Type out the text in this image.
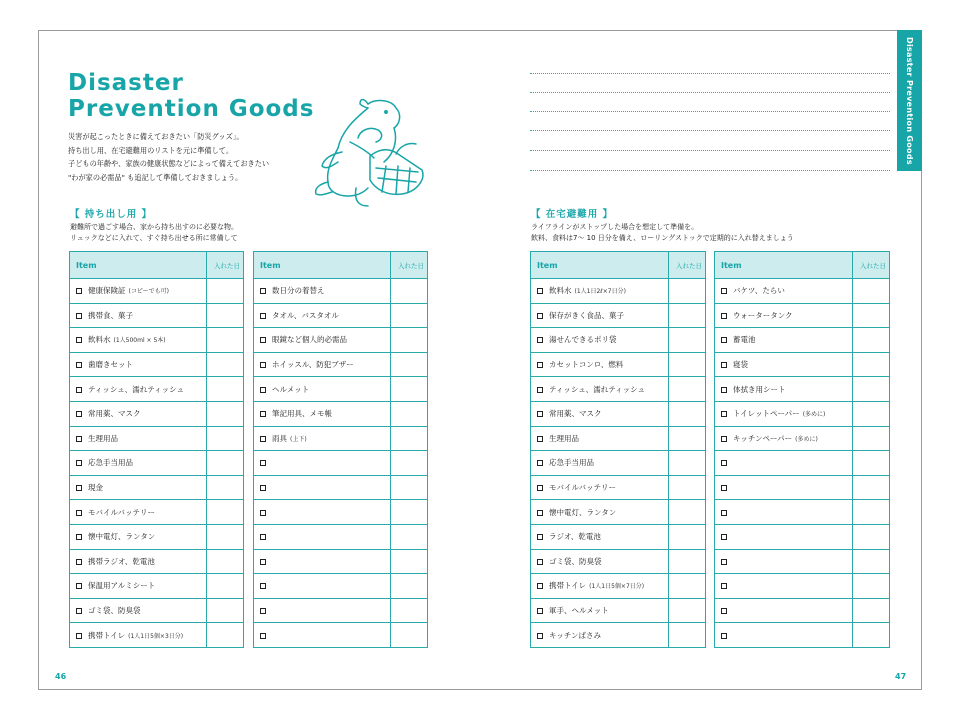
Disaster
Prevention Goods

災害が起こったときに備えておきたい「防災グッズ」。
持ち出し用、在宅避難用のリストを元に準備して。
子どもの年齢や、家族の健康状態などによって備えておきたい
"わが家の必需品" も追記して準備しておきましょう。

Disaster Prevention Goods

【 持ち出し用 】

避難所で過ごす場合、家から持ち出すのに必要な物。
リュックなどに入れて、すぐ持ち出せる所に常備して

【 在宅避難用 】

ライフラインがストップした場合を想定して準備を。
飲料、食料は7〜 10 日分を備え、ローリングストックで定期的に入れ替えましょう

Item	入れた日
健康保険証 (コピーでも可)	
携帯食、菓子	
飲料水 (1人500ml × 5本)	
歯磨きセット	
ティッシュ、濡れティッシュ	
常用薬、マスク	
生理用品	
応急手当用品	
現金	
モバイルバッテリー	
懐中電灯、ランタン	
携帯ラジオ、乾電池	
保温用アルミシート	
ゴミ袋、防臭袋	
携帯トイレ (1人1日5個×3日分)	
Item	入れた日
数日分の着替え	
タオル、バスタオル	
眼鏡など個人的必需品	
ホイッスル、防犯ブザー	
ヘルメット	
筆記用具、メモ帳	
雨具 (上下)	

Item	入れた日
飲料水 (1人1日2ℓ×7日分)	
保存がきく食品、菓子	
湯せんできるポリ袋	
カセットコンロ、燃料	
ティッシュ、濡れティッシュ	
常用薬、マスク	
生理用品	
応急手当用品	
モバイルバッテリー	
懐中電灯、ランタン	
ラジオ、乾電池	
ゴミ袋、防臭袋	
携帯トイレ (1人1日5個×7日分)	
軍手、ヘルメット	
キッチンばさみ	
Item	入れた日
バケツ、たらい	
ウォータータンク	
蓄電池	
寝袋	
体拭き用シート	
トイレットペーパー (多めに)	
キッチンペーパー (多めに)	

46	47
